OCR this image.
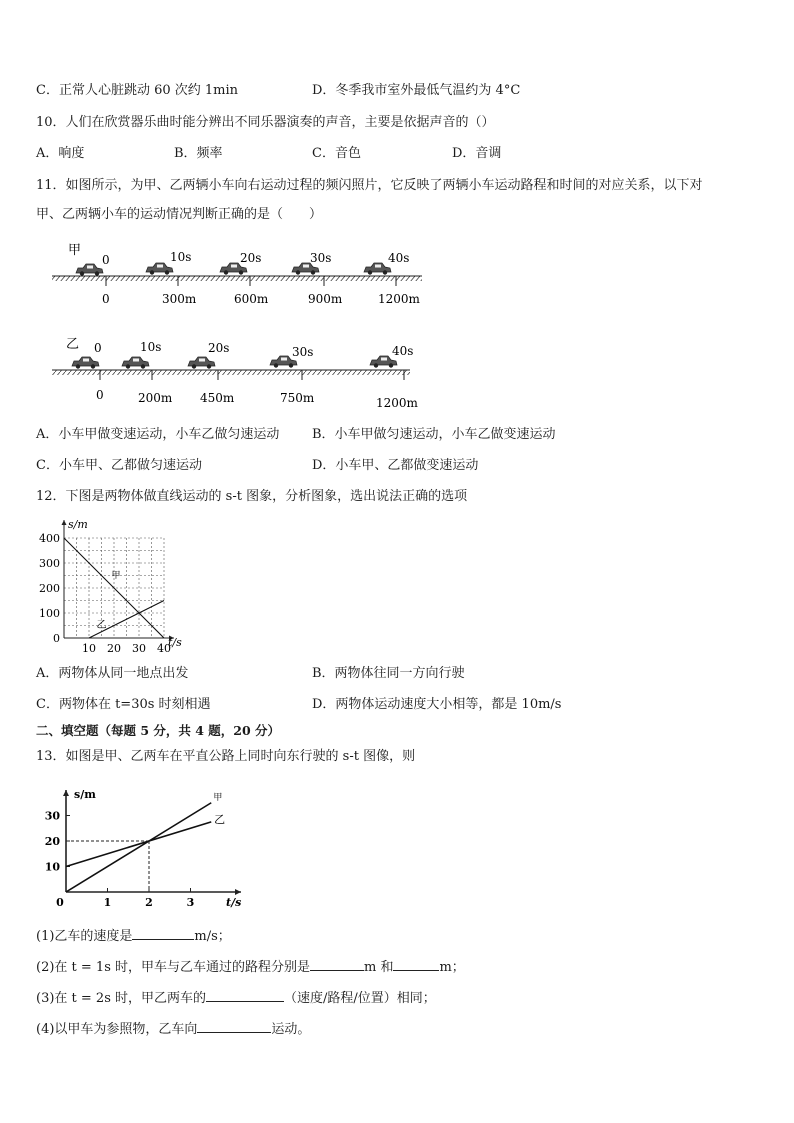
C．正常人心脏跳动 60 次约 1min	D．冬季我市室外最低气温约为 4°C
10．人们在欣赏器乐曲时能分辨出不同乐器演奏的声音，主要是依据声音的（）
A．响度	B．频率	C．音色	D．音调
11．如图所示，为甲、乙两辆小车向右运动过程的频闪照片，它反映了两辆小车运动路程和时间的对应关系，以下对
甲、乙两辆小车的运动情况判断正确的是（　　）
甲
0	10s	20s	30s	40s
0	300m	600m	900m	1200m
乙 0	10s	20s	30s	40s
0	200m 450m	750m	1200m
A．小车甲做变速运动，小车乙做匀速运动	B．小车甲做匀速运动，小车乙做变速运动
C．小车甲、乙都做匀速运动	D．小车甲、乙都做变速运动
12．下图是两物体做直线运动的 s-t 图象，分析图象，选出说法正确的选项
s/m
t/s
0
100
200
300
400
10 20 30 40
甲
乙
A．两物体从同一地点出发	B．两物体往同一方向行驶
C．两物体在 t=30s 时刻相遇	D．两物体运动速度大小相等，都是 10m/s
二、填空题（每题 5 分，共 4 题，20 分）
13．如图是甲、乙两车在平直公路上同时向东行驶的 s-t 图像，则
s/m
t/s
10
20
30
0	1	2	3
甲
乙
(1)乙车的速度是	m/s；
(2)在 t = 1s 时，甲车与乙车通过的路程分别是	m 和	m；
(3)在 t = 2s 时，甲乙两车的	（速度/路程/位置）相同；
(4)以甲车为参照物，乙车向	运动。
